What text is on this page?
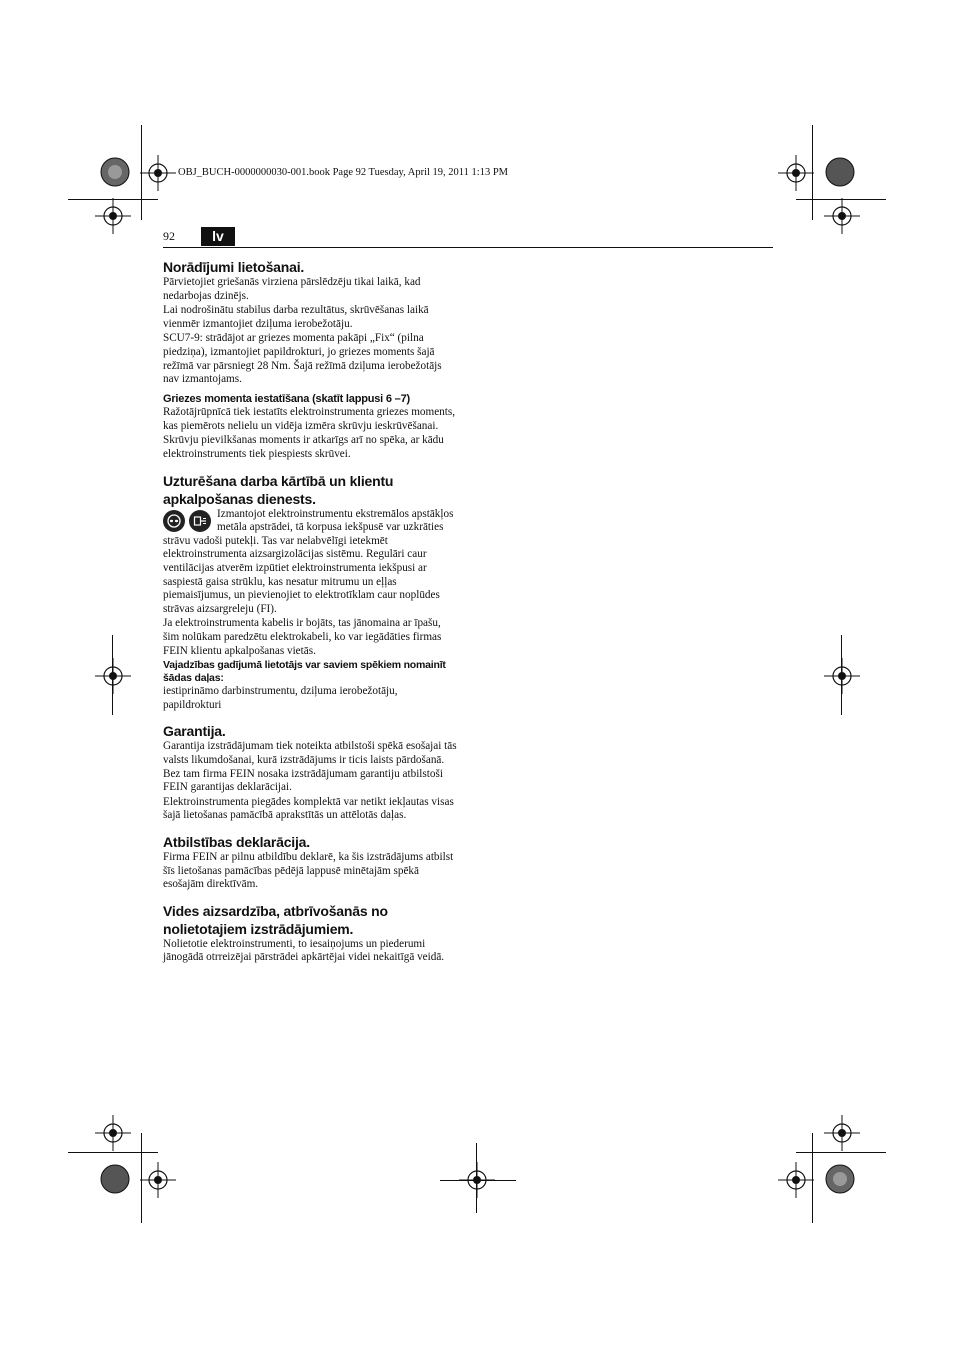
OBJ_BUCH-0000000030-001.book Page 92 Tuesday, April 19, 2011 1:13 PM
92	lv
Norādījumi lietošanai.

Pārvietojiet griešanās virziena pārslēdzēju tikai laikā, kad nedarbojas dzinējs.

Lai nodrošinātu stabilus darba rezultātus, skrūvēšanas laikā vienmēr izmantojiet dziļuma ierobežotāju.

SCU7-9: strādājot ar griezes momenta pakāpi „Fix“ (pilna piedziņa), izmantojiet papildrokturi, jo griezes moments šajā režīmā var pārsniegt 28 Nm. Šajā režīmā dziļuma ierobežotājs nav izmantojams.

Griezes momenta iestatīšana (skatīt lappusi 6 –7)

Ražotājrūpnīcā tiek iestatīts elektroinstrumenta griezes moments, kas piemērots nelielu un vidēja izmēra skrūvju ieskrūvēšanai.

Skrūvju pievilkšanas moments ir atkarīgs arī no spēka, ar kādu elektroinstruments tiek piespiests skrūvei.

Uzturēšana darba kārtībā un klientu apkalpošanas dienests.

Izmantojot elektroinstrumentu ekstremālos apstākļos metāla apstrādei, tā korpusa iekšpusē var uzkrāties strāvu vadoši putekļi. Tas var nelabvēlīgi ietekmēt elektroinstrumenta aizsargizolācijas sistēmu. Regulāri caur ventilācijas atverēm izpūtiet elektroinstrumenta iekšpusi ar saspiestā gaisa strūklu, kas nesatur mitrumu un eļļas piemaisījumus, un pievienojiet to elektrotīklam caur noplūdes strāvas aizsargreleju (FI).

Ja elektroinstrumenta kabelis ir bojāts, tas jānomaina ar īpašu, šim nolūkam paredzētu elektrokabeli, ko var iegādāties firmas FEIN klientu apkalpošanas vietās.

Vajadzības gadījumā lietotājs var saviem spēkiem nomainīt šādas daļas:

iestiprināmo darbinstrumentu, dziļuma ierobežotāju, papildrokturi

Garantija.

Garantija izstrādājumam tiek noteikta atbilstoši spēkā esošajai tās valsts likumdošanai, kurā izstrādājums ir ticis laists pārdošanā. Bez tam firma FEIN nosaka izstrādājumam garantiju atbilstoši FEIN garantijas deklarācijai.

Elektroinstrumenta piegādes komplektā var netikt iekļautas visas šajā lietošanas pamācībā aprakstītās un attēlotās daļas.

Atbilstības deklarācija.

Firma FEIN ar pilnu atbildību deklarē, ka šis izstrādājums atbilst šīs lietošanas pamācības pēdējā lappusē minētajām spēkā esošajām direktīvām.

Vides aizsardzība, atbrīvošanās no nolietotajiem izstrādājumiem.

Nolietotie elektroinstrumenti, to iesaiņojums un piederumi jānogādā otrreizējai pārstrādei apkārtējai videi nekaitīgā veidā.
